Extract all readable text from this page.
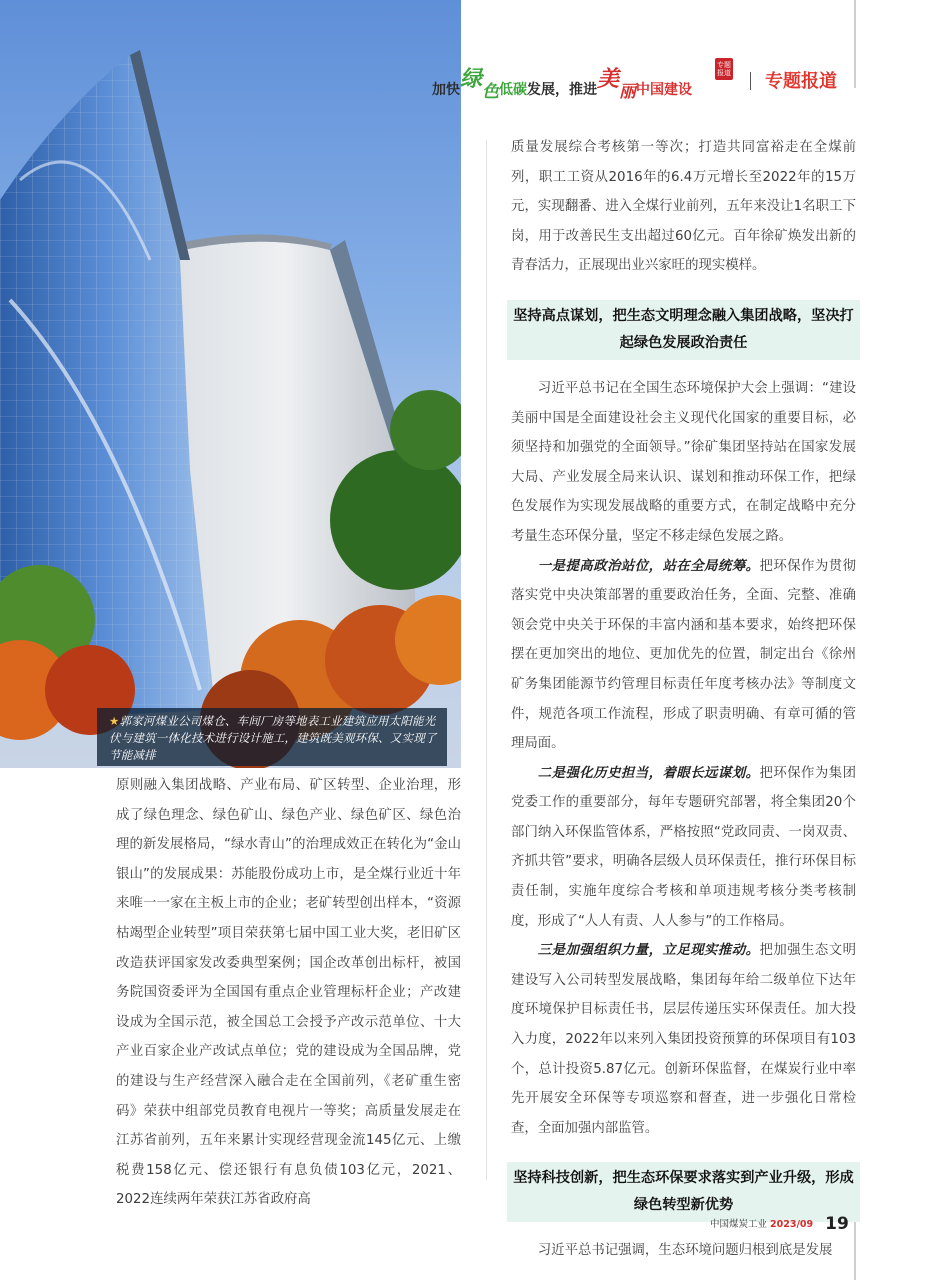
★郭家河煤业公司煤仓、车间厂房等地表工业建筑应用太阳能光伏与建筑一体化技术进行设计施工，建筑既美观环保、又实现了节能减排
加快绿色低碳发展，推进美丽中国建设
专题报道 专题报道

原则融入集团战略、产业布局、矿区转型、企业治理，形成了绿色理念、绿色矿山、绿色产业、绿色矿区、绿色治理的新发展格局，“绿水青山”的治理成效正在转化为“金山银山”的发展成果：苏能股份成功上市，是全煤行业近十年来唯一一家在主板上市的企业；老矿转型创出样本，“资源枯竭型企业转型”项目荣获第七届中国工业大奖，老旧矿区改造获评国家发改委典型案例；国企改革创出标杆，被国务院国资委评为全国国有重点企业管理标杆企业；产改建设成为全国示范，被全国总工会授予产改示范单位、十大产业百家企业产改试点单位；党的建设成为全国品牌，党的建设与生产经营深入融合走在全国前列，《老矿重生密码》荣获中组部党员教育电视片一等奖；高质量发展走在江苏省前列，五年来累计实现经营现金流145亿元、上缴税费158亿元、偿还银行有息负债103亿元，2021、2022连续两年荣获江苏省政府高

质量发展综合考核第一等次；打造共同富裕走在全煤前列，职工工资从2016年的6.4万元增长至2022年的15万元，实现翻番、进入全煤行业前列，五年来没让1名职工下岗，用于改善民生支出超过60亿元。百年徐矿焕发出新的青春活力，正展现出业兴家旺的现实模样。

坚持高点谋划，把生态文明理念融入集团战略，坚决打起绿色发展政治责任

习近平总书记在全国生态环境保护大会上强调：“建设美丽中国是全面建设社会主义现代化国家的重要目标，必须坚持和加强党的全面领导。”徐矿集团坚持站在国家发展大局、产业发展全局来认识、谋划和推动环保工作，把绿色发展作为实现发展战略的重要方式，在制定战略中充分考量生态环保分量，坚定不移走绿色发展之路。

一是提高政治站位，站在全局统筹。把环保作为贯彻落实党中央决策部署的重要政治任务，全面、完整、准确领会党中央关于环保的丰富内涵和基本要求，始终把环保摆在更加突出的地位、更加优先的位置，制定出台《徐州矿务集团能源节约管理目标责任年度考核办法》等制度文件，规范各项工作流程，形成了职责明确、有章可循的管理局面。

二是强化历史担当，着眼长远谋划。把环保作为集团党委工作的重要部分，每年专题研究部署，将全集团20个部门纳入环保监管体系，严格按照“党政同责、一岗双责、齐抓共管”要求，明确各层级人员环保责任，推行环保目标责任制，实施年度综合考核和单项违规考核分类考核制度，形成了“人人有责、人人参与”的工作格局。

三是加强组织力量，立足现实推动。把加强生态文明建设写入公司转型发展战略，集团每年给二级单位下达年度环境保护目标责任书，层层传递压实环保责任。加大投入力度，2022年以来列入集团投资预算的环保项目有103个，总计投资5.87亿元。创新环保监督，在煤炭行业中率先开展安全环保等专项巡察和督查，进一步强化日常检查，全面加强内部监管。

坚持科技创新，把生态环保要求落实到产业升级，形成绿色转型新优势

习近平总书记强调，生态环境问题归根到底是发展

中国煤炭工业 2023/09 19
